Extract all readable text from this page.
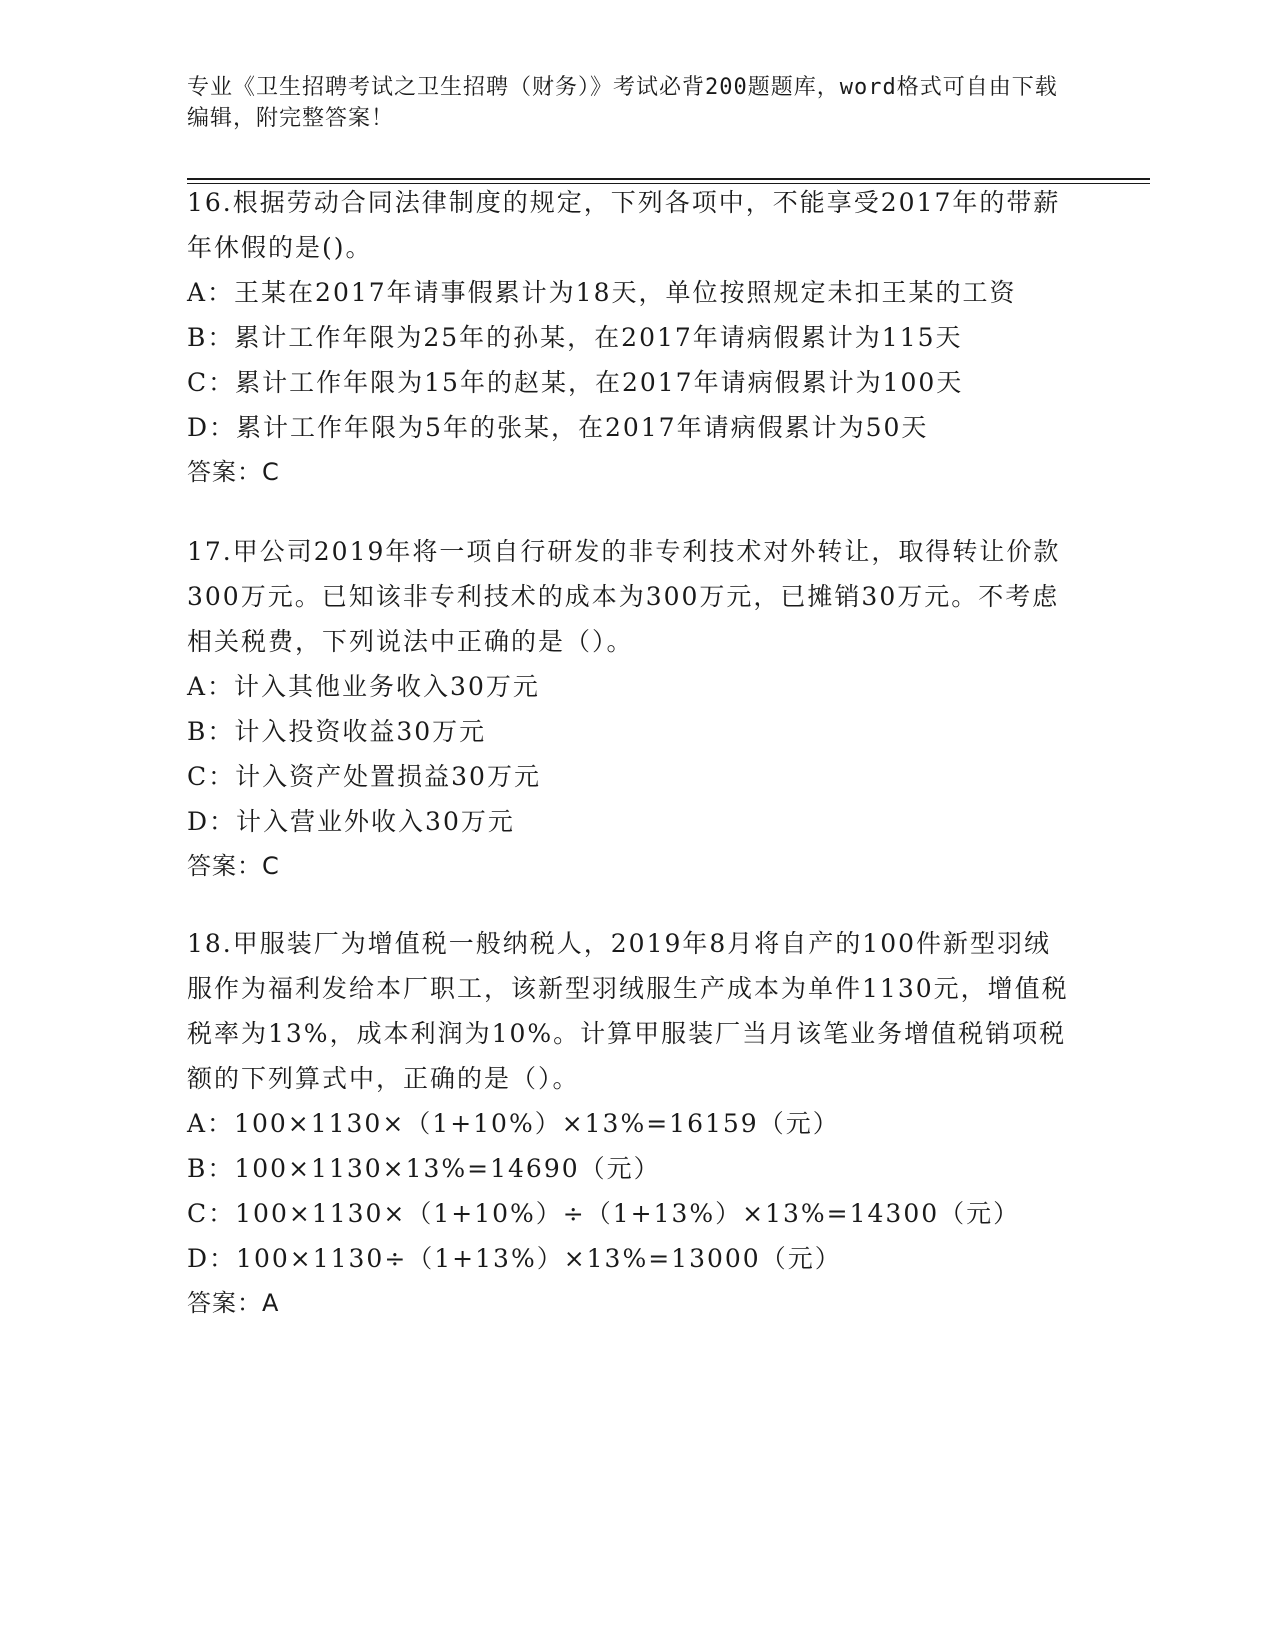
专业《卫生招聘考试之卫生招聘（财务）》考试必背200题题库，word格式可自由下载编辑，附完整答案！

16.根据劳动合同法律制度的规定，下列各项中，不能享受2017年的带薪年休假的是()。

A：王某在2017年请事假累计为18天，单位按照规定未扣王某的工资

B：累计工作年限为25年的孙某，在2017年请病假累计为115天

C：累计工作年限为15年的赵某，在2017年请病假累计为100天

D：累计工作年限为5年的张某，在2017年请病假累计为50天

答案：C

17.甲公司2019年将一项自行研发的非专利技术对外转让，取得转让价款300万元。已知该非专利技术的成本为300万元，已摊销30万元。不考虑相关税费，下列说法中正确的是（）。

A：计入其他业务收入30万元

B：计入投资收益30万元

C：计入资产处置损益30万元

D：计入营业外收入30万元

答案：C

18.甲服装厂为增值税一般纳税人，2019年8月将自产的100件新型羽绒服作为福利发给本厂职工，该新型羽绒服生产成本为单件1130元，增值税税率为13%，成本利润为10%。计算甲服装厂当月该笔业务增值税销项税额的下列算式中，正确的是（）。

A：100×1130×（1+10%）×13%=16159（元）

B：100×1130×13%=14690（元）

C：100×1130×（1+10%）÷（1+13%）×13%=14300（元）

D：100×1130÷（1+13%）×13%=13000（元）

答案：A
